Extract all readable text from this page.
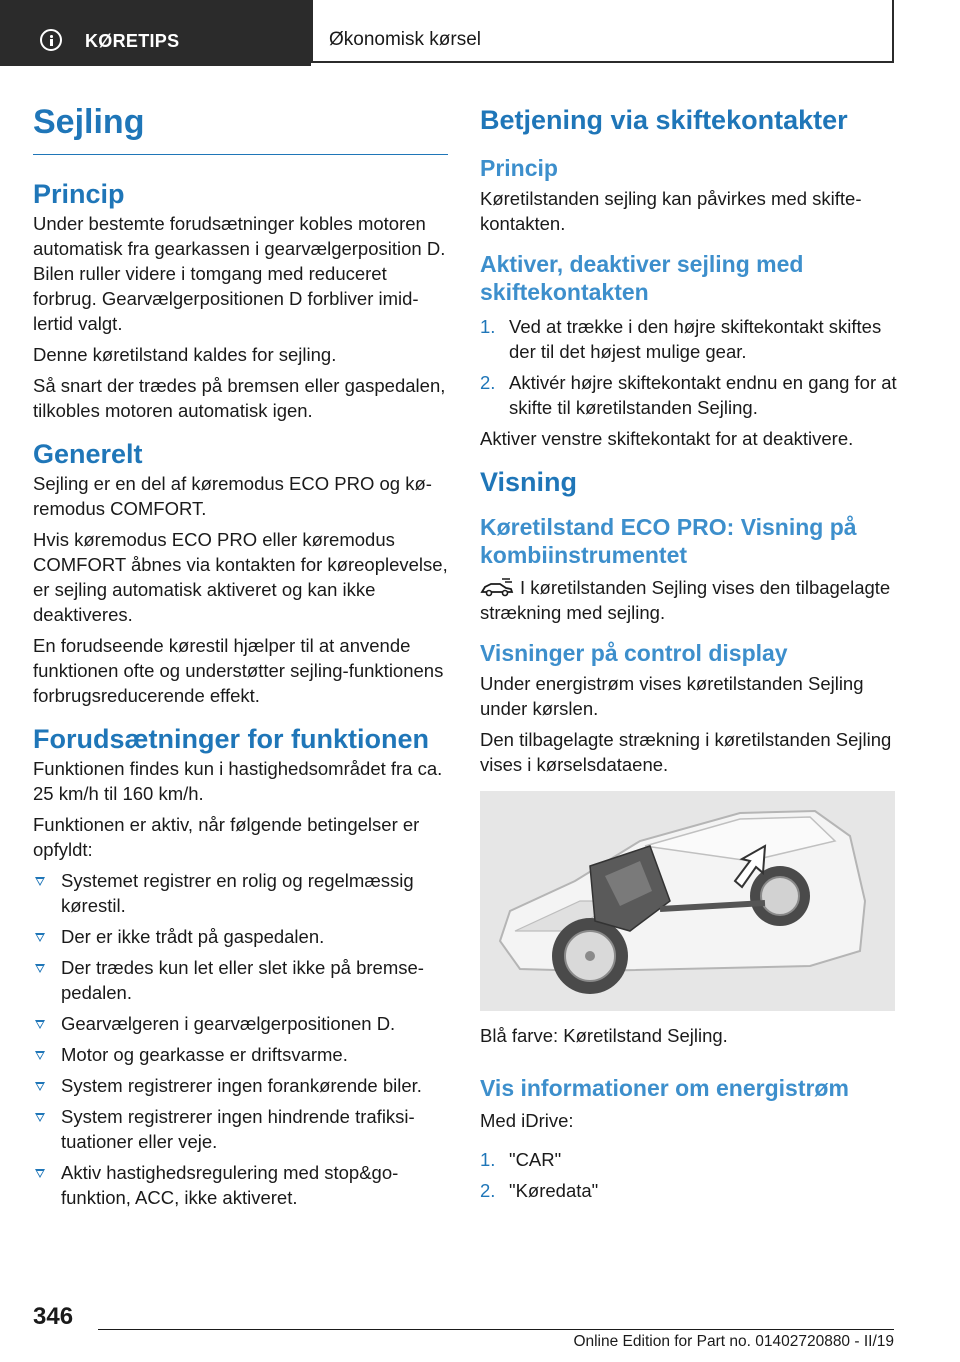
KØRETIPS	Økonomisk kørsel
Sejling
Princip

Under bestemte forudsætninger kobles motoren automatisk fra gearkassen i gearvælgerposition D. Bilen ruller videre i tomgang med reduceret forbrug. Gearvælgerpositionen D forbliver imidlertid valgt.

Denne køretilstand kaldes for sejling.

Så snart der trædes på bremsen eller gaspedalen, tilkobles motoren automatisk igen.

Generelt

Sejling er en del af køremodus ECO PRO og køremodus COMFORT.

Hvis køremodus ECO PRO eller køremodus COMFORT åbnes via kontakten for køreoplevelse, er sejling automatisk aktiveret og kan ikke deaktiveres.

En forudseende kørestil hjælper til at anvende funktionen ofte og understøtter sejling-funktionens forbrugsreducerende effekt.

Forudsætninger for funktionen

Funktionen findes kun i hastighedsområdet fra ca. 25 km/h til 160 km/h.

Funktionen er aktiv, når følgende betingelser er opfyldt:

Systemet registrer en rolig og regelmæssig kørestil.
Der er ikke trådt på gaspedalen.
Der trædes kun let eller slet ikke på bremsepedalen.
Gearvælgeren i gearvælgerpositionen D.
Motor og gearkasse er driftsvarme.
System registrerer ingen forankørende biler.
System registrerer ingen hindrende trafiksituationer eller veje.
Aktiv hastighedsregulering med stop&go-funktion, ACC, ikke aktiveret.
Betjening via skiftekontakter
Princip

Køretilstanden sejling kan påvirkes med skiftekontakten.

Aktiver, deaktiver sejling med skiftekontakten
1. Ved at trække i den højre skiftekontakt skiftes der til det højest mulige gear.
2. Aktivér højre skiftekontakt endnu en gang for at skifte til køretilstanden Sejling.

Aktiver venstre skiftekontakt for at deaktivere.

Visning
Køretilstand ECO PRO: Visning på kombiinstrumentet

I køretilstanden Sejling vises den tilbagelagte strækning med sejling.

Visninger på control display

Under energistrøm vises køretilstanden Sejling under kørslen.

Den tilbagelagte strækning i køretilstanden Sejling vises i kørselsdataene.

Blå farve: Køretilstand Sejling.

Vis informationer om energistrøm

Med iDrive:

1. "CAR"
2. "Køredata"
346
Online Edition for Part no. 01402720880 - II/19
